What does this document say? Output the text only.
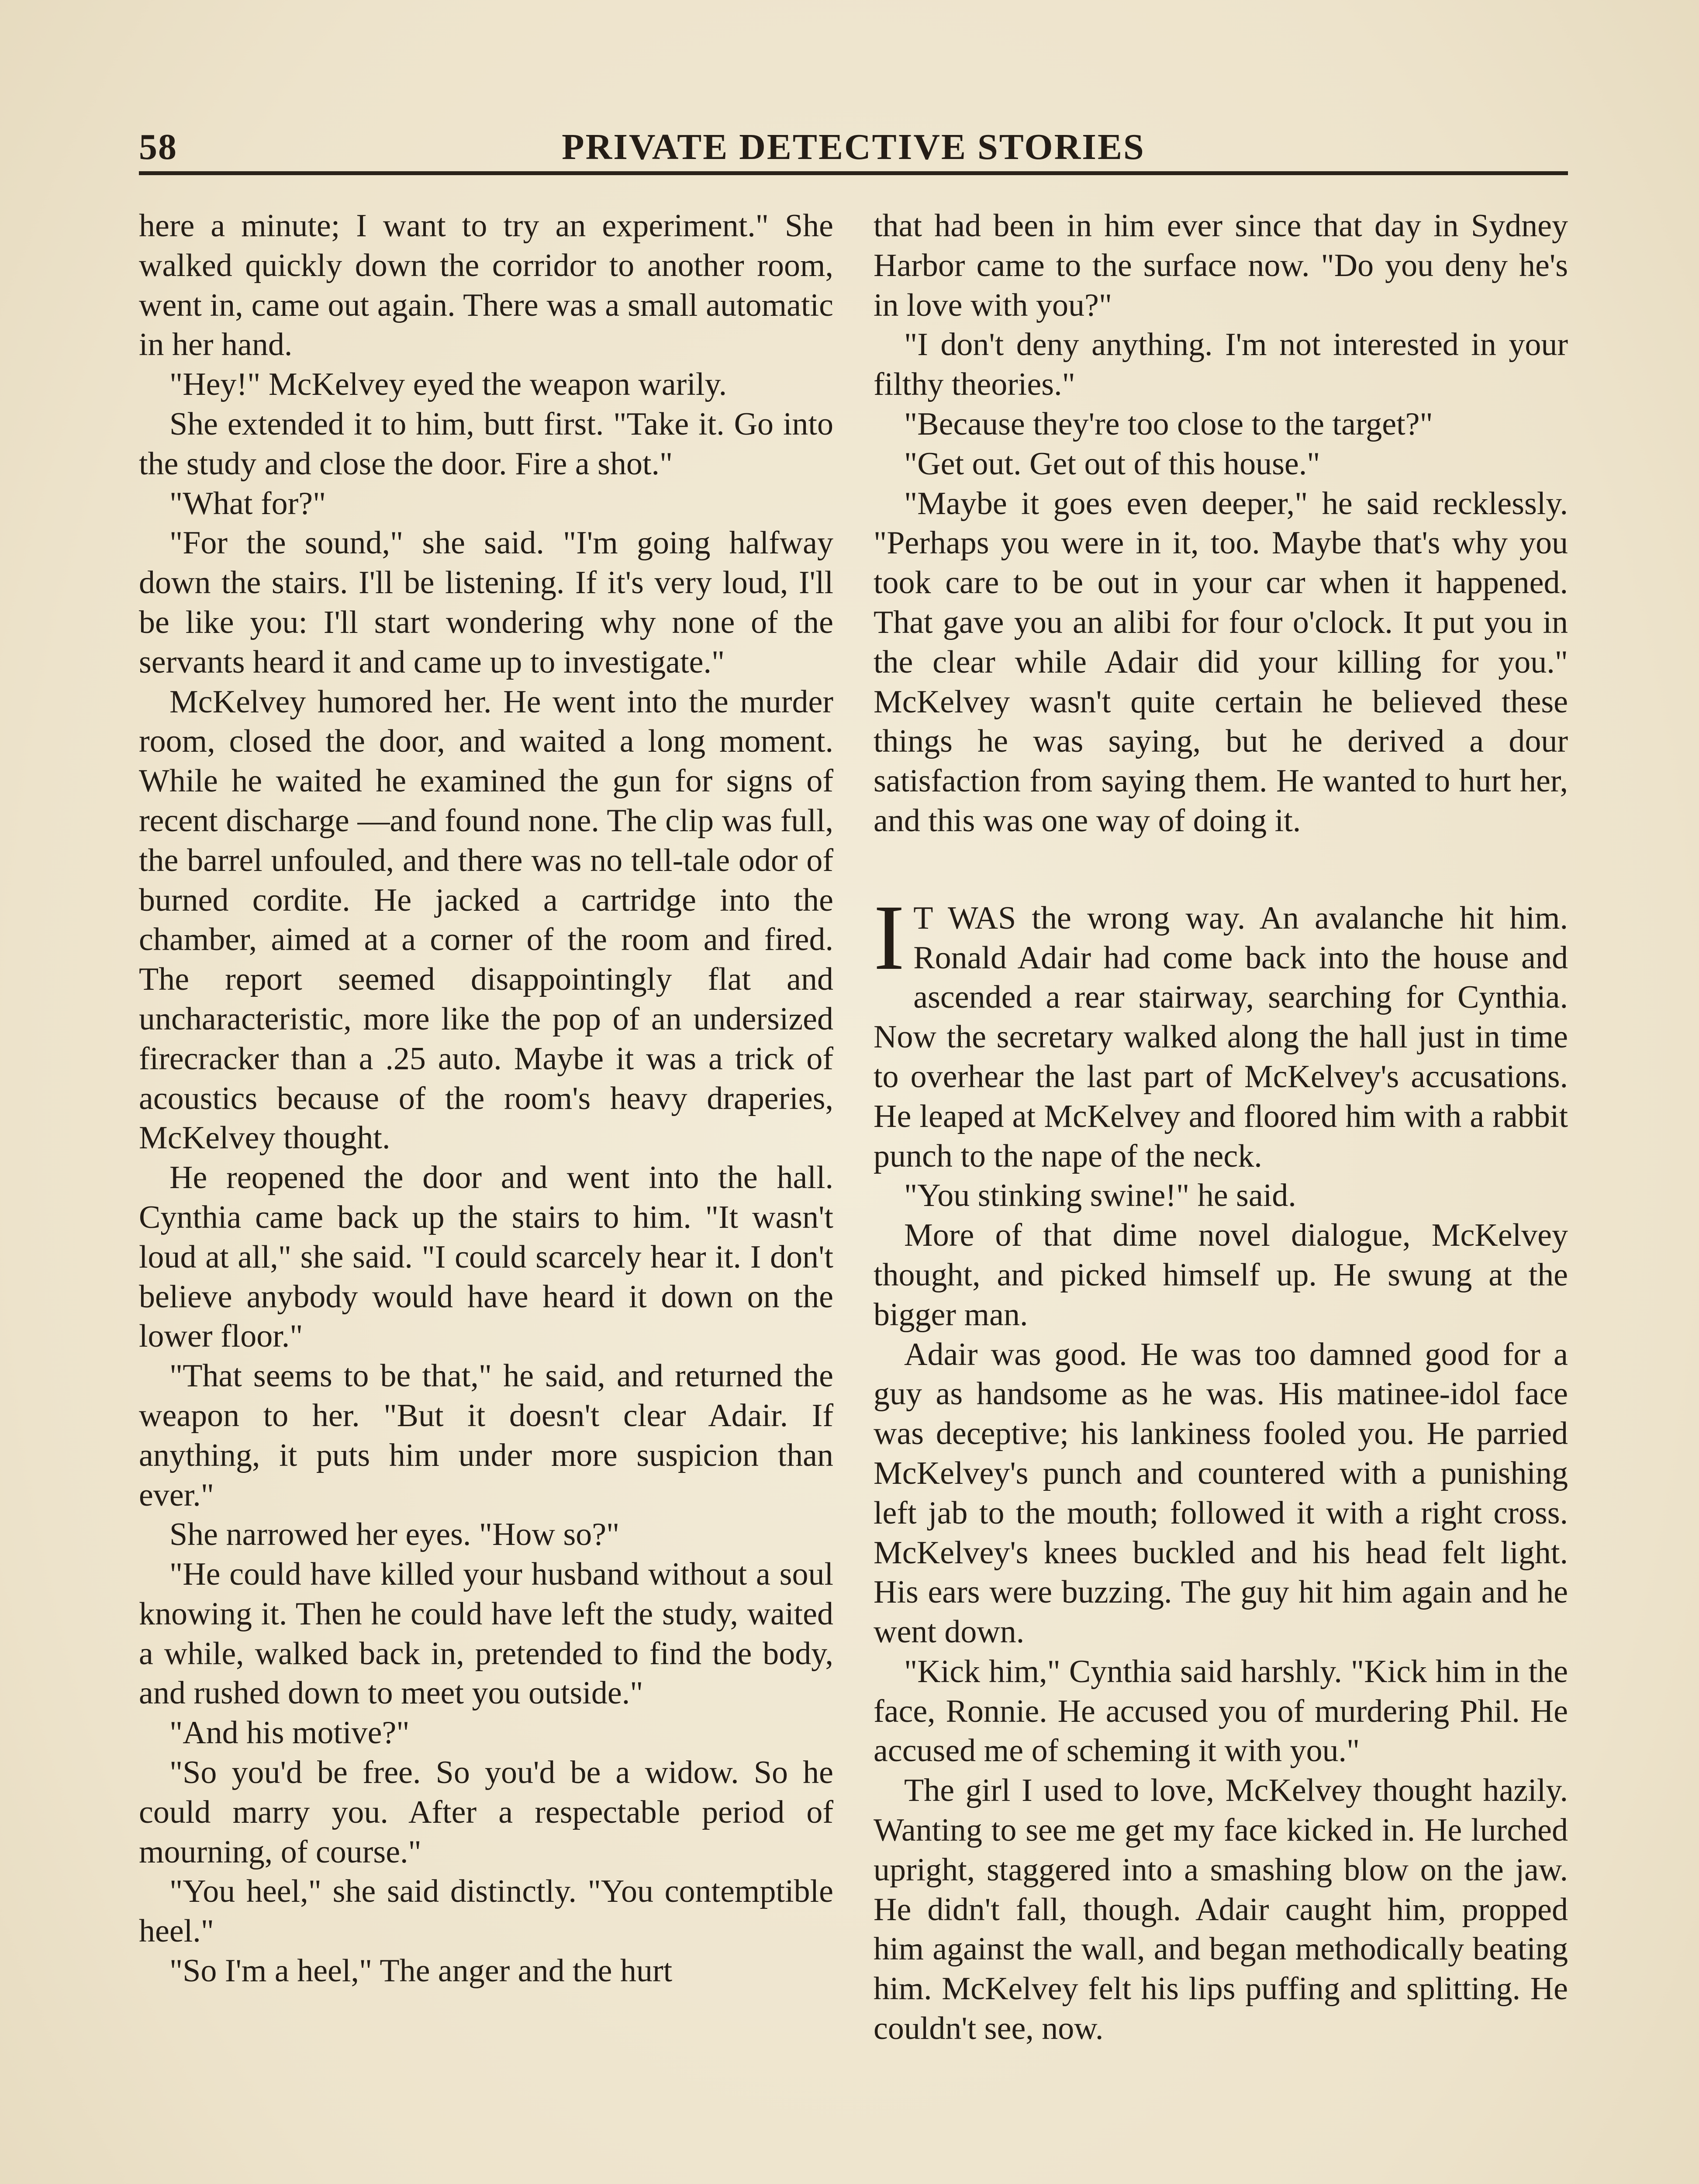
58	PRIVATE DETECTIVE STORIES

here a minute; I want to try an experiment." She walked quickly down the corridor to another room, went in, came out again. There was a small automatic in her hand.

"Hey!" McKelvey eyed the weapon warily.

She extended it to him, butt first. "Take it. Go into the study and close the door. Fire a shot."

"What for?"

"For the sound," she said. "I'm going halfway down the stairs. I'll be listening. If it's very loud, I'll be like you: I'll start wondering why none of the servants heard it and came up to investigate."

McKelvey humored her. He went into the murder room, closed the door, and waited a long moment. While he waited he examined the gun for signs of recent discharge —and found none. The clip was full, the barrel unfouled, and there was no tell-tale odor of burned cordite. He jacked a cartridge into the chamber, aimed at a corner of the room and fired. The report seemed disappointingly flat and uncharacteristic, more like the pop of an undersized firecracker than a .25 auto. Maybe it was a trick of acoustics because of the room's heavy draperies, McKelvey thought.

He reopened the door and went into the hall. Cynthia came back up the stairs to him. "It wasn't loud at all," she said. "I could scarcely hear it. I don't believe anybody would have heard it down on the lower floor."

"That seems to be that," he said, and returned the weapon to her. "But it doesn't clear Adair. If anything, it puts him under more suspicion than ever."

She narrowed her eyes. "How so?"

"He could have killed your husband without a soul knowing it. Then he could have left the study, waited a while, walked back in, pretended to find the body, and rushed down to meet you outside."

"And his motive?"

"So you'd be free. So you'd be a widow. So he could marry you. After a respectable period of mourning, of course."

"You heel," she said distinctly. "You contemptible heel."

"So I'm a heel," The anger and the hurt

that had been in him ever since that day in Sydney Harbor came to the surface now. "Do you deny he's in love with you?"

"I don't deny anything. I'm not interested in your filthy theories."

"Because they're too close to the target?"

"Get out. Get out of this house."

"Maybe it goes even deeper," he said recklessly. "Perhaps you were in it, too. Maybe that's why you took care to be out in your car when it happened. That gave you an alibi for four o'clock. It put you in the clear while Adair did your killing for you." McKelvey wasn't quite certain he believed these things he was saying, but he derived a dour satisfaction from saying them. He wanted to hurt her, and this was one way of doing it.

I T WAS the wrong way. An avalanche hit him. Ronald Adair had come back into the house and ascended a rear stairway, searching for Cynthia. Now the secretary walked along the hall just in time to overhear the last part of McKelvey's accusations. He leaped at McKelvey and floored him with a rabbit punch to the nape of the neck.

"You stinking swine!" he said.

More of that dime novel dialogue, McKelvey thought, and picked himself up. He swung at the bigger man.

Adair was good. He was too damned good for a guy as handsome as he was. His matinee-idol face was deceptive; his lankiness fooled you. He parried McKelvey's punch and countered with a punishing left jab to the mouth; followed it with a right cross. McKelvey's knees buckled and his head felt light. His ears were buzzing. The guy hit him again and he went down.

"Kick him," Cynthia said harshly. "Kick him in the face, Ronnie. He accused you of murdering Phil. He accused me of scheming it with you."

The girl I used to love, McKelvey thought hazily. Wanting to see me get my face kicked in. He lurched upright, staggered into a smashing blow on the jaw. He didn't fall, though. Adair caught him, propped him against the wall, and began methodically beating him. McKelvey felt his lips puffing and splitting. He couldn't see, now.
